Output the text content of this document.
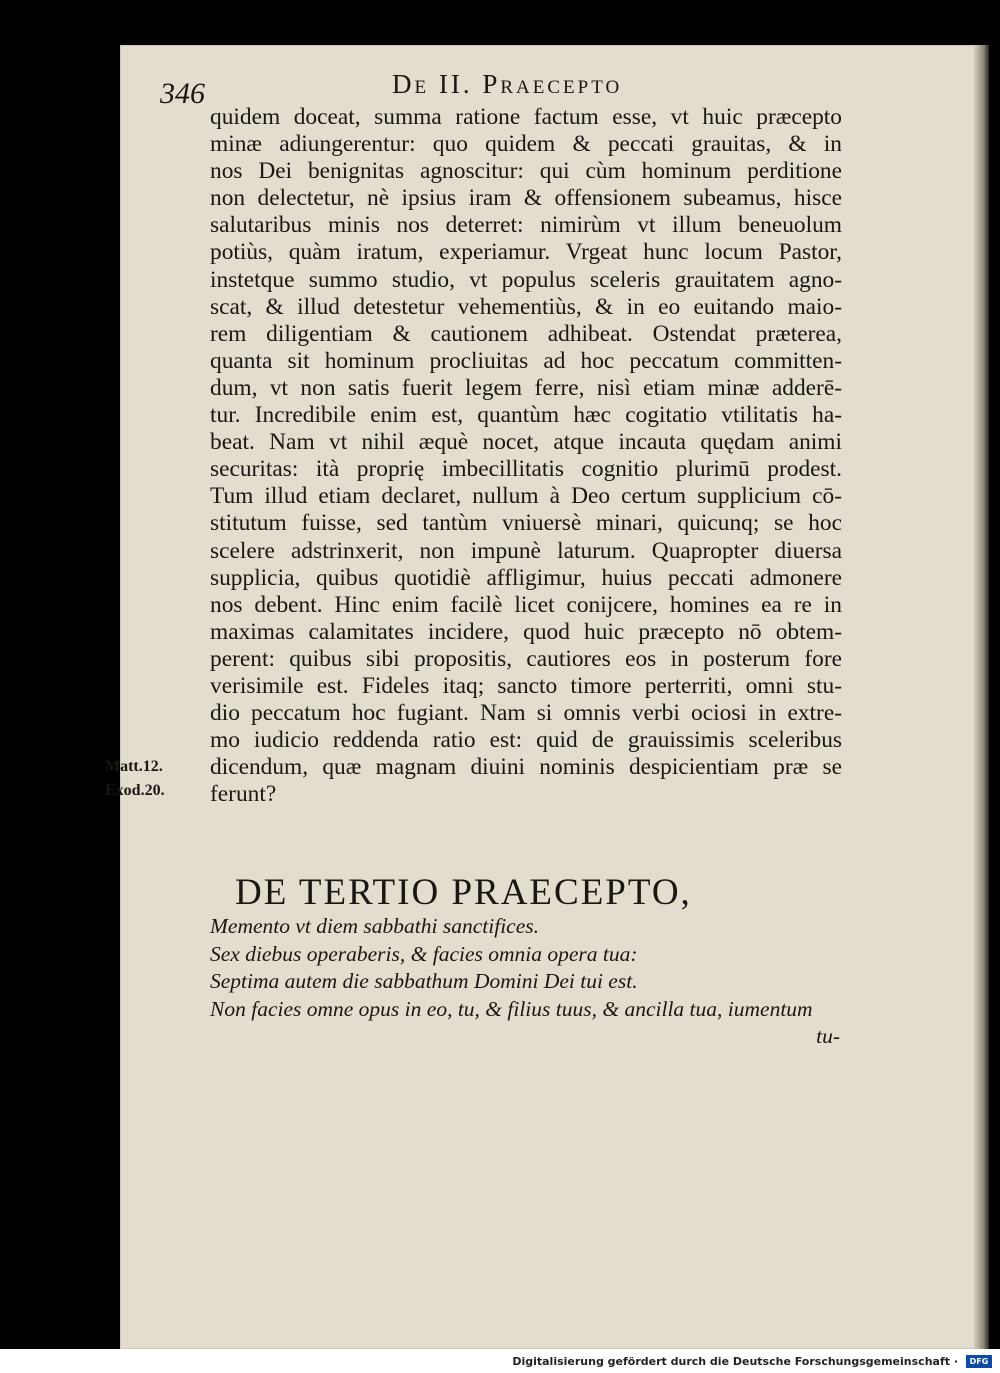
346	De II. Praecepto
quidem doceat, summa ratione factum esse, vt huic præcepto
minæ adiungerentur: quo quidem & peccati grauitas, & in
nos Dei benignitas agnoscitur: qui cùm hominum perditione
non delectetur, nè ipsius iram & offensionem subeamus, hisce
salutaribus minis nos deterret: nimirùm vt illum beneuolum
potiùs, quàm iratum, experiamur. Vrgeat hunc locum Pastor,
instetque summo studio, vt populus sceleris grauitatem agno-
scat, & illud detestetur vehementiùs, & in eo euitando maio-
rem diligentiam & cautionem adhibeat. Ostendat præterea,
quanta sit hominum procliuitas ad hoc peccatum committen-
dum, vt non satis fuerit legem ferre, nisì etiam minæ adderē-
tur. Incredibile enim est, quantùm hæc cogitatio vtilitatis ha-
beat. Nam vt nihil æquè nocet, atque incauta quędam animi
securitas: ità proprię imbecillitatis cognitio plurimū prodest.
Tum illud etiam declaret, nullum à Deo certum supplicium cō-
stitutum fuisse, sed tantùm vniuersè minari, quicunq; se hoc
scelere adstrinxerit, non impunè laturum. Quapropter diuersa
supplicia, quibus quotidiè affligimur, huius peccati admonere
nos debent. Hinc enim facilè licet conijcere, homines ea re in
maximas calamitates incidere, quod huic præcepto nō obtem-
perent: quibus sibi propositis, cautiores eos in posterum fore
verisimile est. Fideles itaq; sancto timore perterriti, omni stu-
dio peccatum hoc fugiant. Nam si omnis verbi ociosi in extre-
mo iudicio reddenda ratio est: quid de grauissimis sceleribus
dicendum, quæ magnam diuini nominis despicientiam præ se
ferunt?
Matt.12.
Exod.20.
DE TERTIO PRAECEPTO,
Memento vt diem sabbathi sanctifices.
Sex diebus operaberis, & facies omnia opera tua:
Septima autem die sabbathum Domini Dei tui est.
Non facies omne opus in eo, tu, & filius tuus, & ancilla tua, iumentum
tu-
Digitalisierung gefördert durch die Deutsche Forschungsgemeinschaft ·	DFG
